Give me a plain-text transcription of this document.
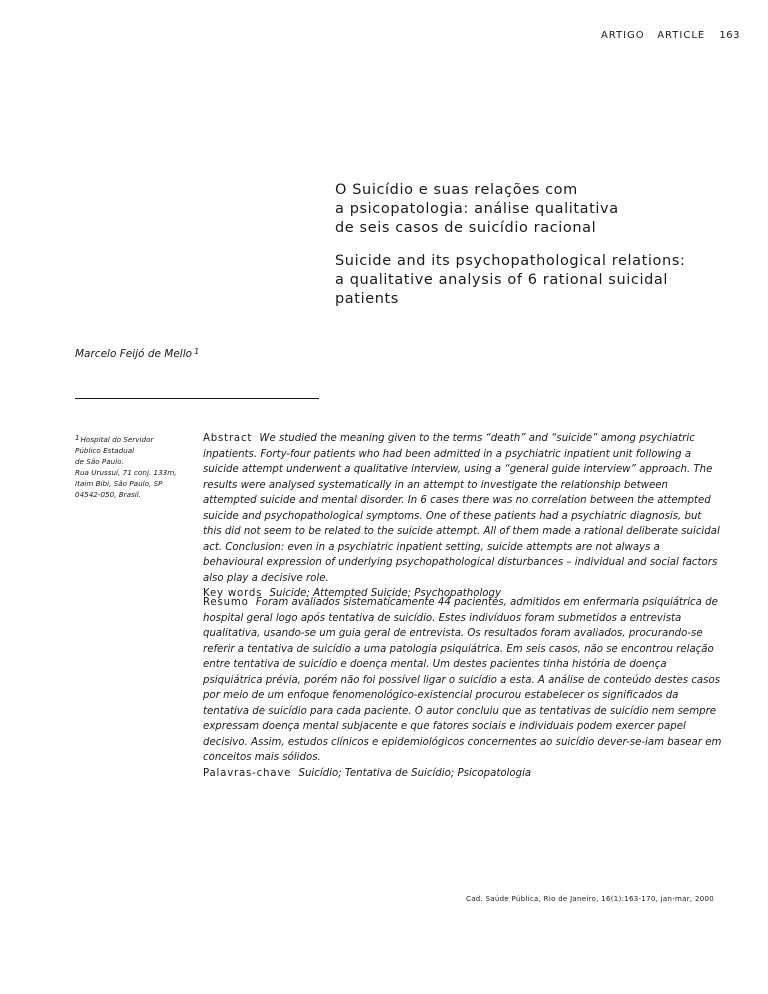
ARTIGO   ARTICLE 163
O Suicídio e suas relações com
a psicopatologia: análise qualitativa
de seis casos de suicídio racional
Suicide and its psychopathological relations:
a qualitative analysis of 6 rational suicidal
patients
Marcelo Feijó de Mello $^1$
$^1$Hospital do Servidor
Público Estadual
de São Paulo.
Rua Urussuí, 71 conj. 133m,
Itaim Bibi, São Paulo, SP
04542-050, Brasil.
Abstract We studied the meaning given to the terms “death” and “suicide” among psychiatric inpatients. Forty-four patients who had been admitted in a psychiatric inpatient unit following a suicide attempt underwent a qualitative interview, using a “general guide interview” approach. The results were analysed systematically in an attempt to investigate the relationship between attempted suicide and mental disorder. In 6 cases there was no correlation between the attempted suicide and psychopathological symptoms. One of these patients had a psychiatric diagnosis, but this did not seem to be related to the suicide attempt. All of them made a rational deliberate suicidal act. Conclusion: even in a psychiatric inpatient setting, suicide attempts are not always a behavioural expression of underlying psychopathological disturbances – individual and social factors also play a decisive role.
Key words Suicide; Attempted Suicide; Psychopathology
Resumo Foram avaliados sistematicamente 44 pacientes, admitidos em enfermaria psiquiátrica de hospital geral logo após tentativa de suicídio. Estes indivíduos foram submetidos a entrevista qualitativa, usando-se um guia geral de entrevista. Os resultados foram avaliados, procurando-se referir a tentativa de suicídio a uma patologia psiquiátrica. Em seis casos, não se encontrou relação entre tentativa de suicídio e doença mental. Um destes pacientes tinha história de doença psiquiátrica prévia, porém não foi possível ligar o suicídio a esta. A análise de conteúdo destes casos por meio de um enfoque fenomenológico-existencial procurou estabelecer os significados da tentativa de suicídio para cada paciente. O autor concluiu que as tentativas de suicídio nem sempre expressam doença mental subjacente e que fatores sociais e individuais podem exercer papel decisivo. Assim, estudos clínicos e epidemiológicos concernentes ao suicídio dever-se-iam basear em conceitos mais sólidos.
Palavras-chave Suicídio; Tentativa de Suicídio; Psicopatologia
Cad. Saúde Pública, Rio de Janeiro, 16(1):163-170, jan-mar, 2000
